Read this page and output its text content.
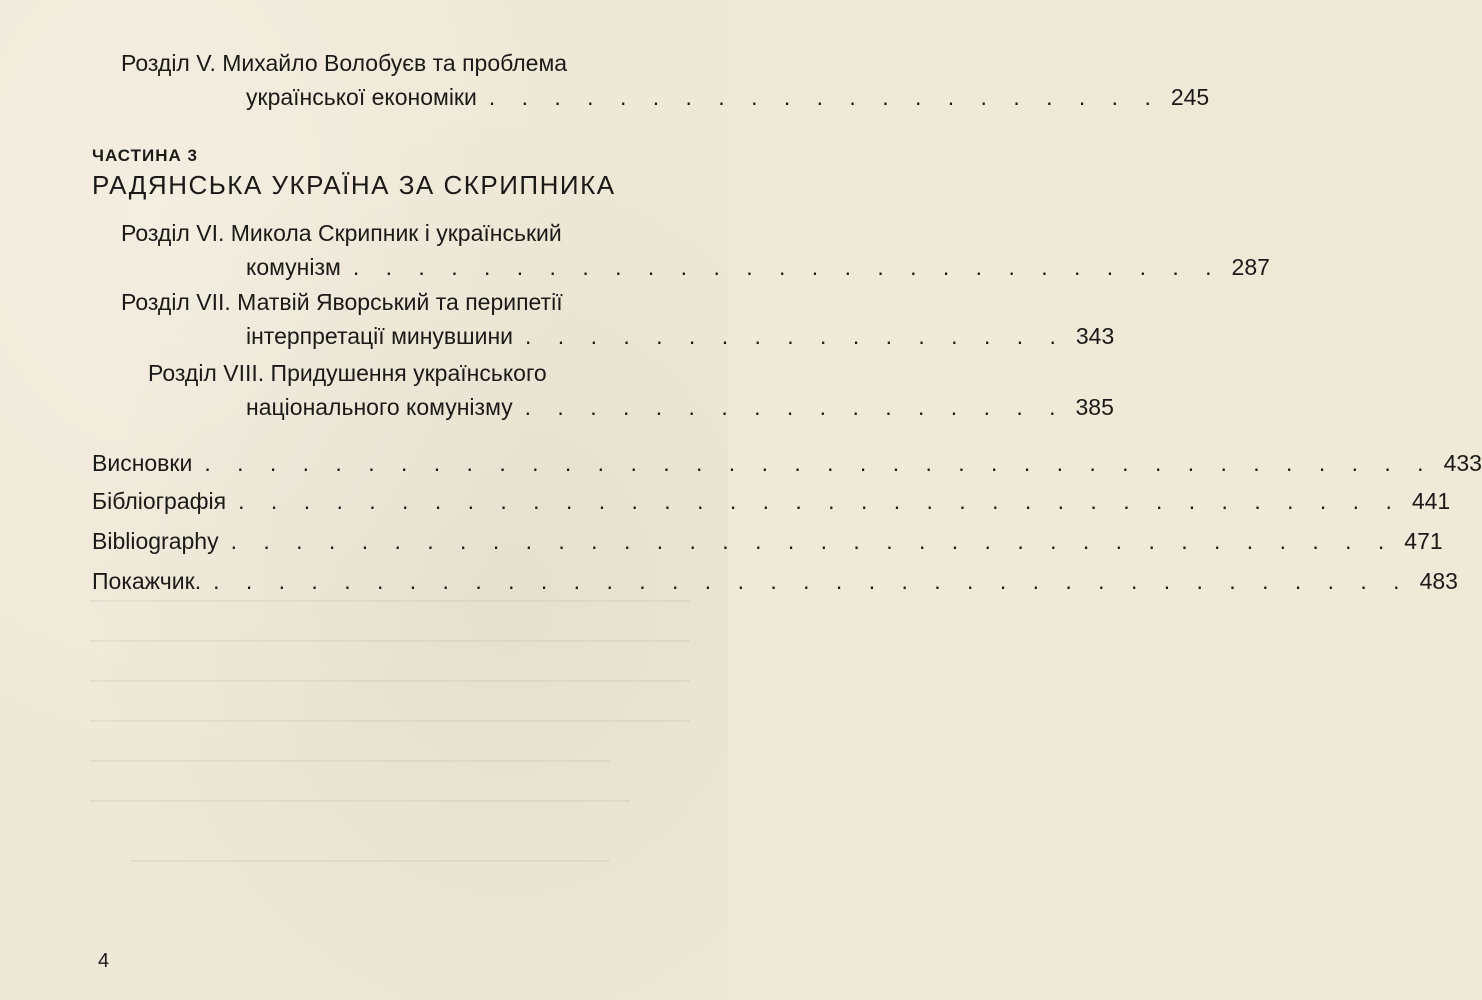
Розділ V. Михайло Волобуєв та проблема
української економіки . . . . . . . . . . . . . . . . . . . . . 245
ЧАСТИНА 3
РАДЯНСЬКА УКРАЇНА ЗА СКРИПНИКА
Розділ VI. Микола Скрипник і український
комунізм . . . . . . . . . . . . . . . . . . . . . . . . . . . 287
Розділ VII. Матвій Яворський та перипетії
інтерпретації минувшини . . . . . . . . . . . . . . . . . 343
Розділ VIII. Придушення українського
національного комунізму . . . . . . . . . . . . . . . . . 385
Висновки . . . . . . . . . . . . . . . . . . . . . . . . . . . . . . . . . . . . . . 433
Бібліографія . . . . . . . . . . . . . . . . . . . . . . . . . . . . . . . . . . . . 441
Bibliography . . . . . . . . . . . . . . . . . . . . . . . . . . . . . . . . . . . . 471
Покажчик. . . . . . . . . . . . . . . . . . . . . . . . . . . . . . . . . . . . . . 483
4
